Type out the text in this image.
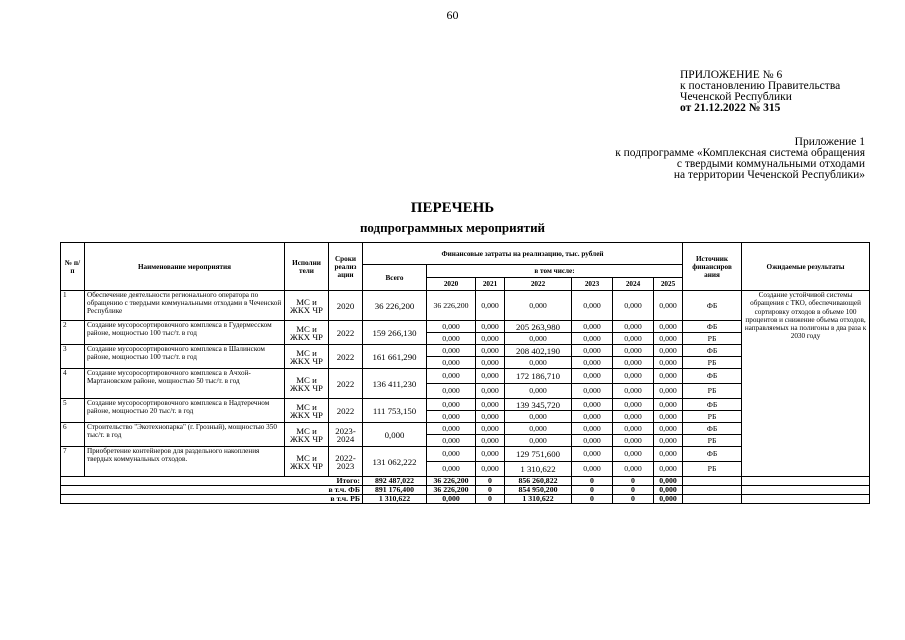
60
ПРИЛОЖЕНИЕ № 6
к постановлению Правительства
Чеченской Республики
от 21.12.2022 № 315
Приложение 1
к подпрограмме «Комплексная система обращения
с твердыми коммунальными отходами
на территории Чеченской Республики»
ПЕРЕЧЕНЬ
подпрограммных мероприятий
№ п/п	Наименование мероприятия	Исполни тели	Сроки реализ ации	Финансовые затраты на реализацию, тыс. рублей							Источник финансиров ания	Ожидаемые результаты
				Всего	в том числе:							
					2020	2021	2022	2023	2024	2025		
1	Обеспечение деятельности регионального оператора по обращению с твердыми коммунальными отходами в Чеченской Республике	МС и ЖКХ ЧР	2020	36 226,200	36 226,200	0,000	0,000	0,000	0,000	0,000	ФБ	Создание устойчивой системы обращения с ТКО, обеспечивающей сортировку отходов в объеме 100 процентов и снижение объема отходов, направляемых на полигоны в два раза к 2030 году
2	Создание мусоросортировочного комплекса в Гудермесском районе, мощностью 100 тыс/т. в год	МС и ЖКХ ЧР	2022	159 266,130	0,000	0,000	205 263,980	0,000	0,000	0,000	ФБ	
					0,000	0,000	0,000	0,000	0,000	0,000	РБ	
3	Создание мусоросортировочного комплекса в Шалинском районе, мощностью 100 тыс/т. в год	МС и ЖКХ ЧР	2022	161 661,290	0,000	0,000	208 402,190	0,000	0,000	0,000	ФБ	
					0,000	0,000	0,000	0,000	0,000	0,000	РБ	
4	Создание мусоросортировочного комплекса в Ачхой-Мартановском районе, мощностью 50 тыс/т. в год	МС и ЖКХ ЧР	2022	136 411,230	0,000	0,000	172 186,710	0,000	0,000	0,000	ФБ	
					0,000	0,000	0,000	0,000	0,000	0,000	РБ	
5	Создание мусоросортировочного комплекса в Надтеречном районе, мощностью 20 тыс/т. в год	МС и ЖКХ ЧР	2022	111 753,150	0,000	0,000	139 345,720	0,000	0,000	0,000	ФБ	
					0,000	0,000	0,000	0,000	0,000	0,000	РБ	
6	Строительство "Экотехнопарка" (г. Грозный), мощностью 350 тыс/т. в год	МС и ЖКХ ЧР	2023-2024	0,000	0,000	0,000	0,000	0,000	0,000	0,000	ФБ	
					0,000	0,000	0,000	0,000	0,000	0,000	РБ	
7	Приобретение контейнеров для раздельного накопления твердых коммунальных отходов.	МС и ЖКХ ЧР	2022-2023	131 062,222	0,000	0,000	129 751,600	0,000	0,000	0,000	ФБ	
					0,000	0,000	1 310,622	0,000	0,000	0,000	РБ	
Итого:				892 487,022	36 226,200	0	856 260,822	0	0	0,000		
в т.ч. ФБ				891 176,400	36 226,200	0	854 950,200	0	0	0,000		
в т.ч. РБ				1 310,622	0,000	0	1 310,622	0	0	0,000		
